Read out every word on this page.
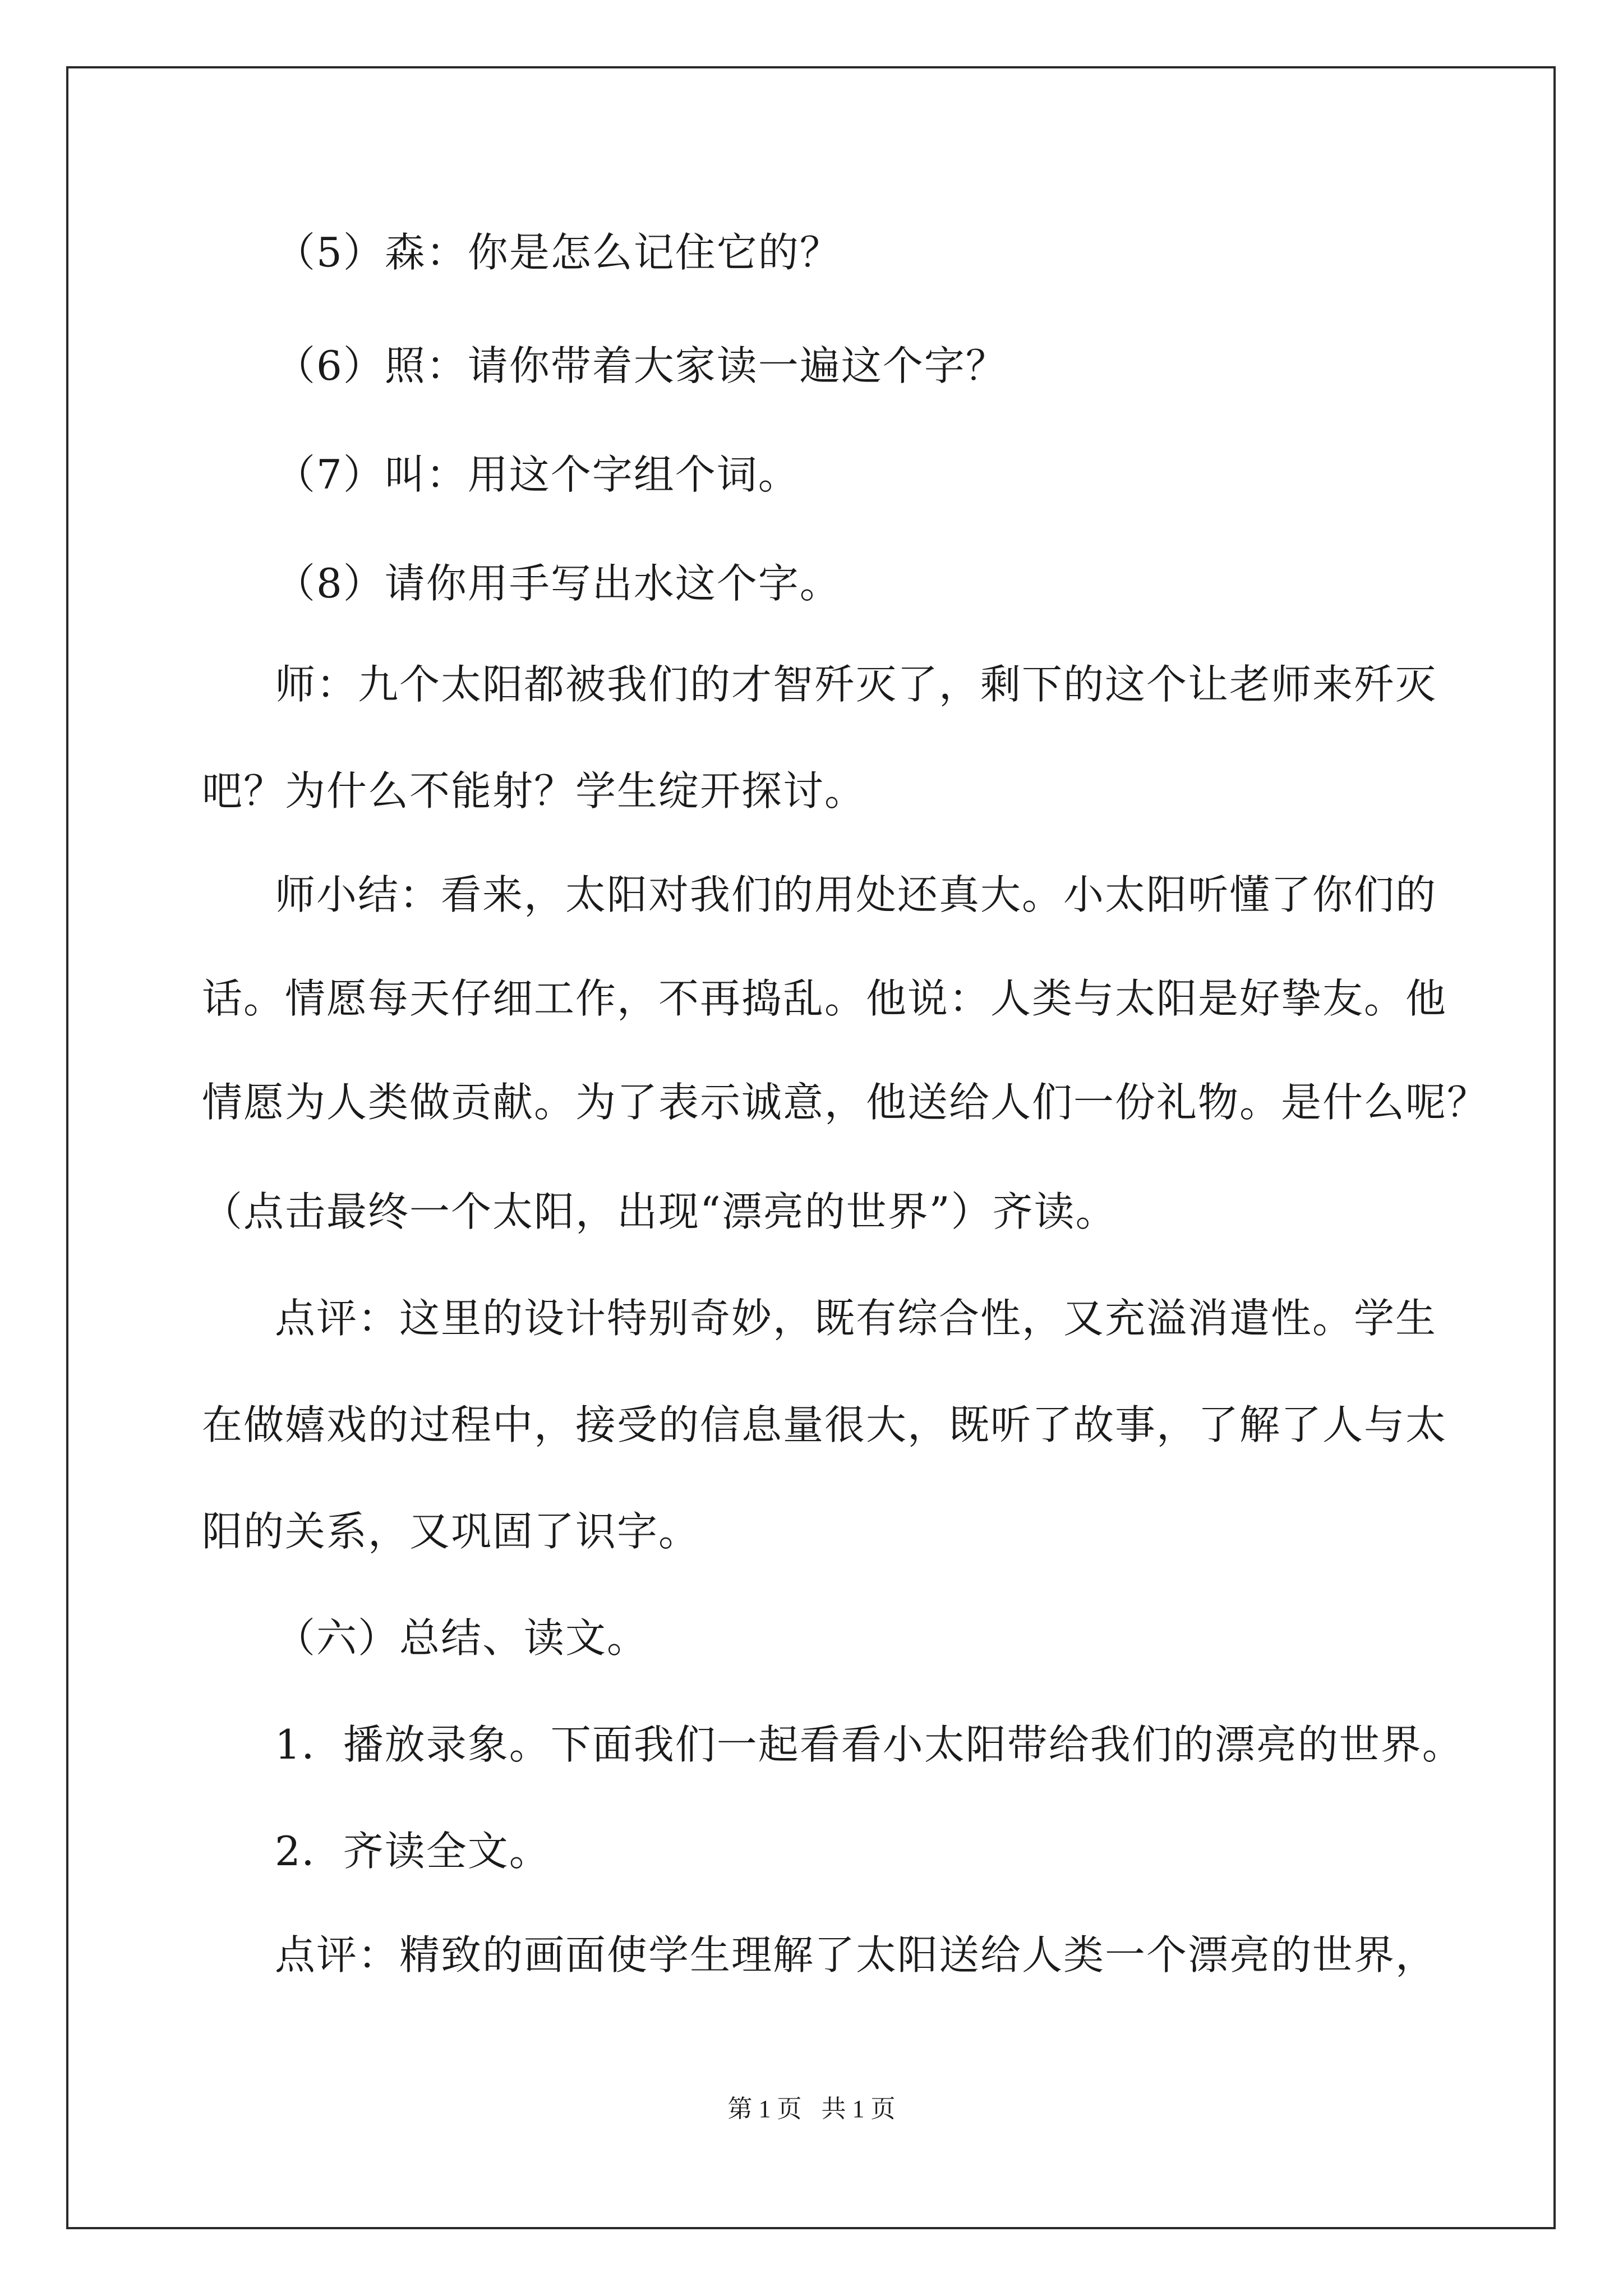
（5）森：你是怎么记住它的？
（6）照：请你带着大家读一遍这个字？
（7）叫：用这个字组个词。
（8）请你用手写出水这个字。
师：九个太阳都被我们的才智歼灭了，剩下的这个让老师来歼灭
吧？为什么不能射？学生绽开探讨。
师小结：看来，太阳对我们的用处还真大。小太阳听懂了你们的
话。情愿每天仔细工作，不再捣乱。他说：人类与太阳是好挚友。他
情愿为人类做贡献。为了表示诚意，他送给人们一份礼物。是什么呢？
（点击最终一个太阳，出现“漂亮的世界”）齐读。
点评：这里的设计特别奇妙，既有综合性，又充溢消遣性。学生
在做嬉戏的过程中，接受的信息量很大，既听了故事，了解了人与太
阳的关系，又巩固了识字。
（六）总结、读文。
1．播放录象。下面我们一起看看小太阳带给我们的漂亮的世界。
2．齐读全文。
点评：精致的画面使学生理解了太阳送给人类一个漂亮的世界，
第 1 页 共 1 页
